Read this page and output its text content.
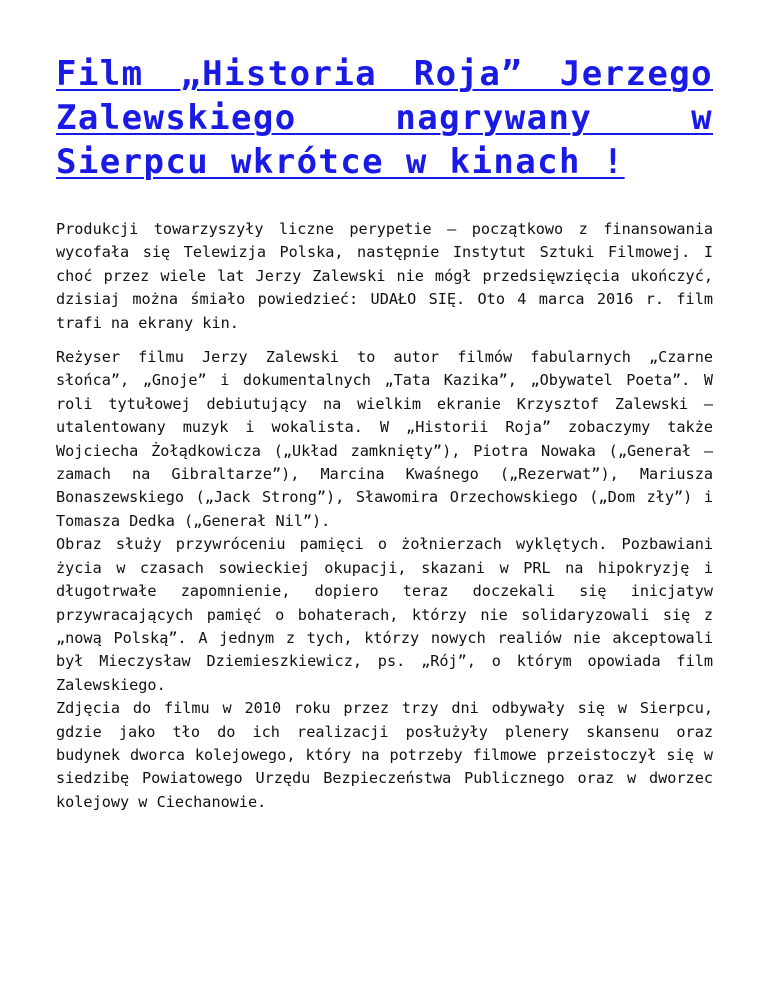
Film „Historia Roja” Jerzego Zalewskiego nagrywany w Sierpcu wkrótce w kinach !

Produkcji towarzyszyły liczne perypetie – początkowo z finansowania wycofała się Telewizja Polska, następnie Instytut Sztuki Filmowej. I choć przez wiele lat Jerzy Zalewski nie mógł przedsięwzięcia ukończyć, dzisiaj można śmiało powiedzieć: UDAŁO SIĘ. Oto 4 marca 2016 r. film trafi na ekrany kin.

Reżyser filmu Jerzy Zalewski to autor filmów fabularnych „Czarne słońca”, „Gnoje” i dokumentalnych „Tata Kazika”, „Obywatel Poeta”. W roli tytułowej debiutujący na wielkim ekranie Krzysztof Zalewski – utalentowany muzyk i wokalista. W „Historii Roja” zobaczymy także Wojciecha Żołądkowicza („Układ zamknięty”), Piotra Nowaka („Generał – zamach na Gibraltarze”), Marcina Kwaśnego („Rezerwat”), Mariusza Bonaszewskiego („Jack Strong”), Sławomira Orzechowskiego („Dom zły”) i Tomasza Dedka („Generał Nil”).

Obraz służy przywróceniu pamięci o żołnierzach wyklętych. Pozbawiani życia w czasach sowieckiej okupacji, skazani w PRL na hipokryzję i długotrwałe zapomnienie, dopiero teraz doczekali się inicjatyw przywracających pamięć o bohaterach, którzy nie solidaryzowali się z „nową Polską”. A jednym z tych, którzy nowych realiów nie akceptowali był Mieczysław Dziemieszkiewicz, ps. „Rój”, o którym opowiada film Zalewskiego.

Zdjęcia do filmu w 2010 roku przez trzy dni odbywały się w Sierpcu, gdzie jako tło do ich realizacji posłużyły plenery skansenu oraz budynek dworca kolejowego, który na potrzeby filmowe przeistoczył się w siedzibę Powiatowego Urzędu Bezpieczeństwa Publicznego oraz w dworzec kolejowy w Ciechanowie.
